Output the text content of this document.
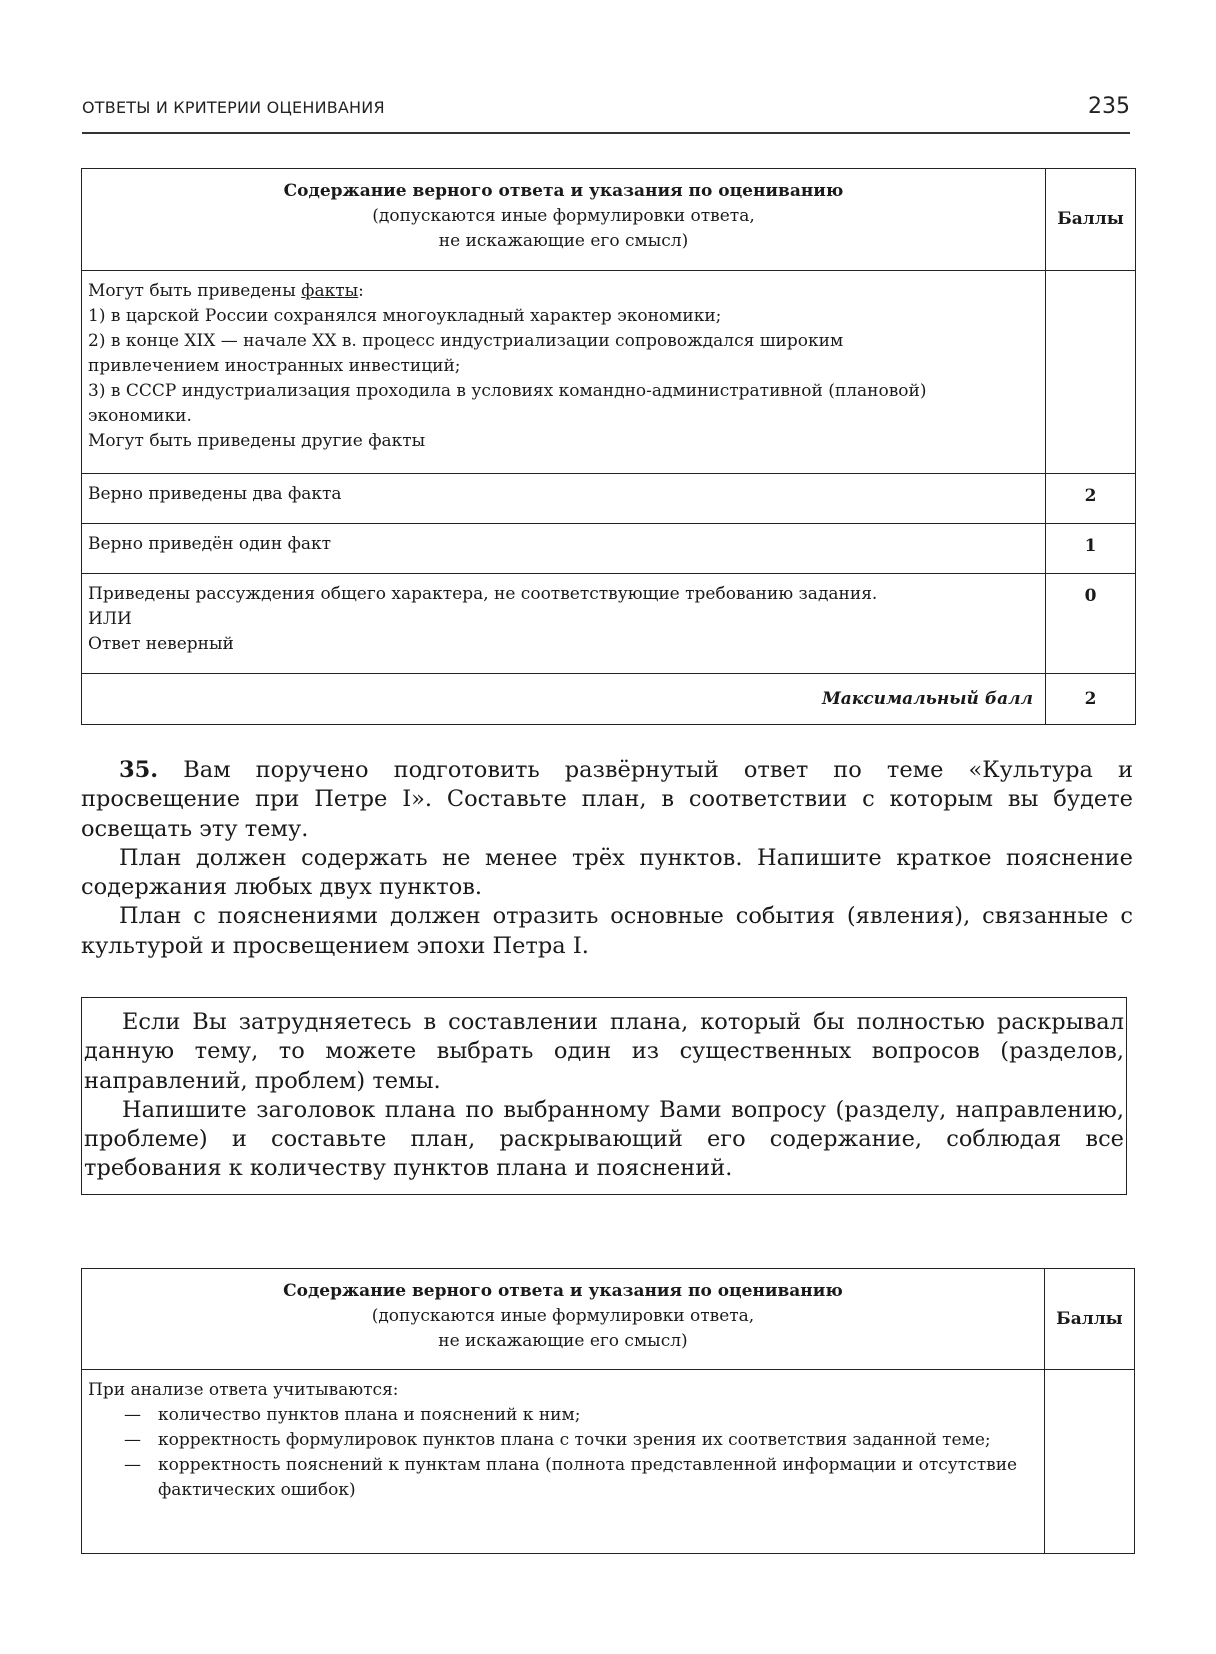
ОТВЕТЫ И КРИТЕРИИ ОЦЕНИВАНИЯ	235
Содержание верного ответа и указания по оцениванию
(допускаются иные формулировки ответа,
не искажающие его смысл)	Баллы

Могут быть приведены факты:
1) в царской России сохранялся многоукладный характер экономики;
2) в конце XIX — начале XX в. процесс индустриализации сопровождался широким привлечением иностранных инвестиций;
3) в СССР индустриализация проходила в условиях командно-административной (плановой) экономики.
Могут быть приведены другие факты	

Верно приведены два факта	2
Верно приведён один факт	1

Приведены рассуждения общего характера, не соответствующие требованию задания.
ИЛИ
Ответ неверный	0
Максимальный балл	2

35. Вам поручено подготовить развёрнутый ответ по теме «Культура и просвещение при Петре I». Составьте план, в соответствии с которым вы будете освещать эту тему.

План должен содержать не менее трёх пунктов. Напишите краткое пояснение содержания любых двух пунктов.

План с пояснениями должен отразить основные события (явления), связанные с культурой и просвещением эпохи Петра I.

Если Вы затрудняетесь в составлении плана, который бы полностью раскрывал данную тему, то можете выбрать один из существенных вопросов (разделов, направлений, проблем) темы.

Напишите заголовок плана по выбранному Вами вопросу (разделу, направлению, проблеме) и составьте план, раскрывающий его содержание, соблюдая все требования к количеству пунктов плана и пояснений.

Содержание верного ответа и указания по оцениванию
(допускаются иные формулировки ответа,
не искажающие его смысл)	Баллы

При анализе ответа учитываются:
— количество пунктов плана и пояснений к ним;
— корректность формулировок пунктов плана с точки зрения их соответствия заданной теме;
— корректность пояснений к пунктам плана (полнота представленной информации и отсутствие фактических ошибок)
